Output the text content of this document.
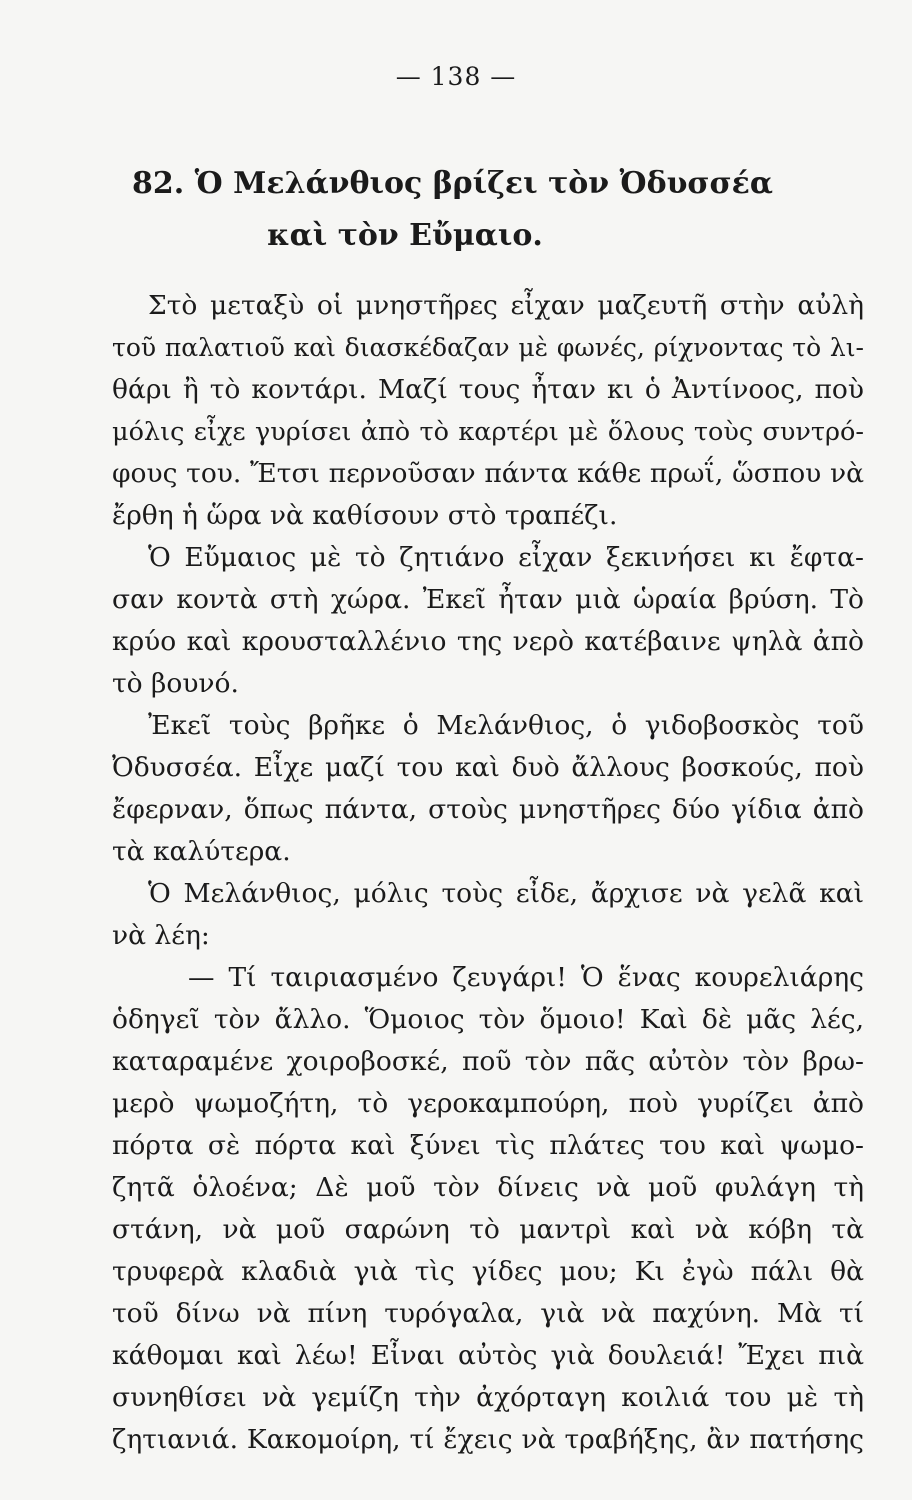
— 138 —
82. Ὁ Μελάνθιος βρίζει τὸν Ὀδυσσέα
καὶ τὸν Εὔμαιο.
Στὸ μεταξὺ οἱ μνηστῆρες εἶχαν μαζευτῆ στὴν αὐλὴ
τοῦ παλατιοῦ καὶ διασκέδαζαν μὲ φωνές, ρίχνοντας τὸ λι-
θάρι ἢ τὸ κοντάρι. Μαζί τους ἦταν κι ὁ Ἀντίνοος, ποὺ
μόλις εἶχε γυρίσει ἀπὸ τὸ καρτέρι μὲ ὅλους τοὺς συντρό-
φους του. Ἔτσι περνοῦσαν πάντα κάθε πρωΐ, ὥσπου νὰ
ἔρθη ἡ ὥρα νὰ καθίσουν στὸ τραπέζι.
Ὁ Εὔμαιος μὲ τὸ ζητιάνο εἶχαν ξεκινήσει κι ἔφτα-
σαν κοντὰ στὴ χώρα. Ἐκεῖ ἦταν μιὰ ὡραία βρύση. Τὸ
κρύο καὶ κρουσταλλένιο της νερὸ κατέβαινε ψηλὰ ἀπὸ
τὸ βουνό.
Ἐκεῖ τοὺς βρῆκε ὁ Μελάνθιος, ὁ γιδοβοσκὸς τοῦ
Ὀδυσσέα. Εἶχε μαζί του καὶ δυὸ ἄλλους βοσκούς, ποὺ
ἔφερναν, ὅπως πάντα, στοὺς μνηστῆρες δύο γίδια ἀπὸ
τὰ καλύτερα.
Ὁ Μελάνθιος, μόλις τοὺς εἶδε, ἄρχισε νὰ γελᾶ καὶ
νὰ λέη:
— Τί ταιριασμένο ζευγάρι! Ὁ ἕνας κουρελιάρης
ὁδηγεῖ τὸν ἄλλο. Ὅμοιος τὸν ὅμοιο! Καὶ δὲ μᾶς λές,
καταραμένε χοιροβοσκέ, ποῦ τὸν πᾶς αὐτὸν τὸν βρω-
μερὸ ψωμοζήτη, τὸ γεροκαμπούρη, ποὺ γυρίζει ἀπὸ
πόρτα σὲ πόρτα καὶ ξύνει τὶς πλάτες του καὶ ψωμο-
ζητᾶ ὁλοένα; Δὲ μοῦ τὸν δίνεις νὰ μοῦ φυλάγη τὴ
στάνη, νὰ μοῦ σαρώνη τὸ μαντρὶ καὶ νὰ κόβη τὰ
τρυφερὰ κλαδιὰ γιὰ τὶς γίδες μου; Κι ἐγὼ πάλι θὰ
τοῦ δίνω νὰ πίνη τυρόγαλα, γιὰ νὰ παχύνη. Μὰ τί
κάθομαι καὶ λέω! Εἶναι αὐτὸς γιὰ δουλειά! Ἔχει πιὰ
συνηθίσει νὰ γεμίζη τὴν ἀχόρταγη κοιλιά του μὲ τὴ
ζητιανιά. Κακομοίρη, τί ἔχεις νὰ τραβήξης, ἂν πατήσης
